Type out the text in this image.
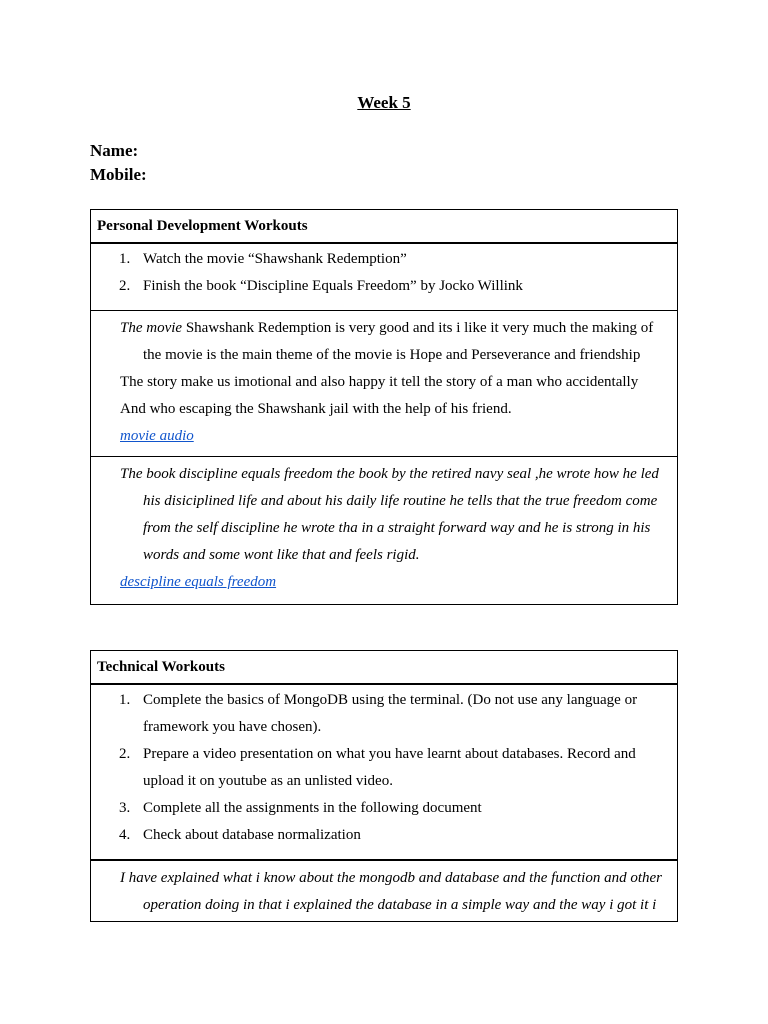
Week 5

Name:

Mobile:

Personal Development Workouts
1. Watch the movie “Shawshank Redemption”
2. Finish the book “Discipline Equals Freedom” by Jocko Willink

The movie Shawshank Redemption is very good and its i like it very much the making of the movie is the main theme of the movie is Hope and Perseverance and friendship

The story make us imotional and also happy it tell the story of a man who accidentally

And who escaping the Shawshank jail with the help of his friend.

movie audio

The book discipline equals freedom the book by the retired navy seal ,he wrote how he led his disiciplined life and about his daily life routine he tells that the true freedom come from the self discipline he wrote tha in a straight forward way and he is strong in his words and some wont like that and feels rigid.

descipline equals freedom

Technical Workouts
1. Complete the basics of MongoDB using the terminal. (Do not use any language or framework you have chosen).
2. Prepare a video presentation on what you have learnt about databases. Record and upload it on youtube as an unlisted video.
3. Complete all the assignments in the following document
4. Check about database normalization

I have explained what i know about the mongodb and database and the function and other operation doing in that i explained the database in a simple way and the way i got it i
